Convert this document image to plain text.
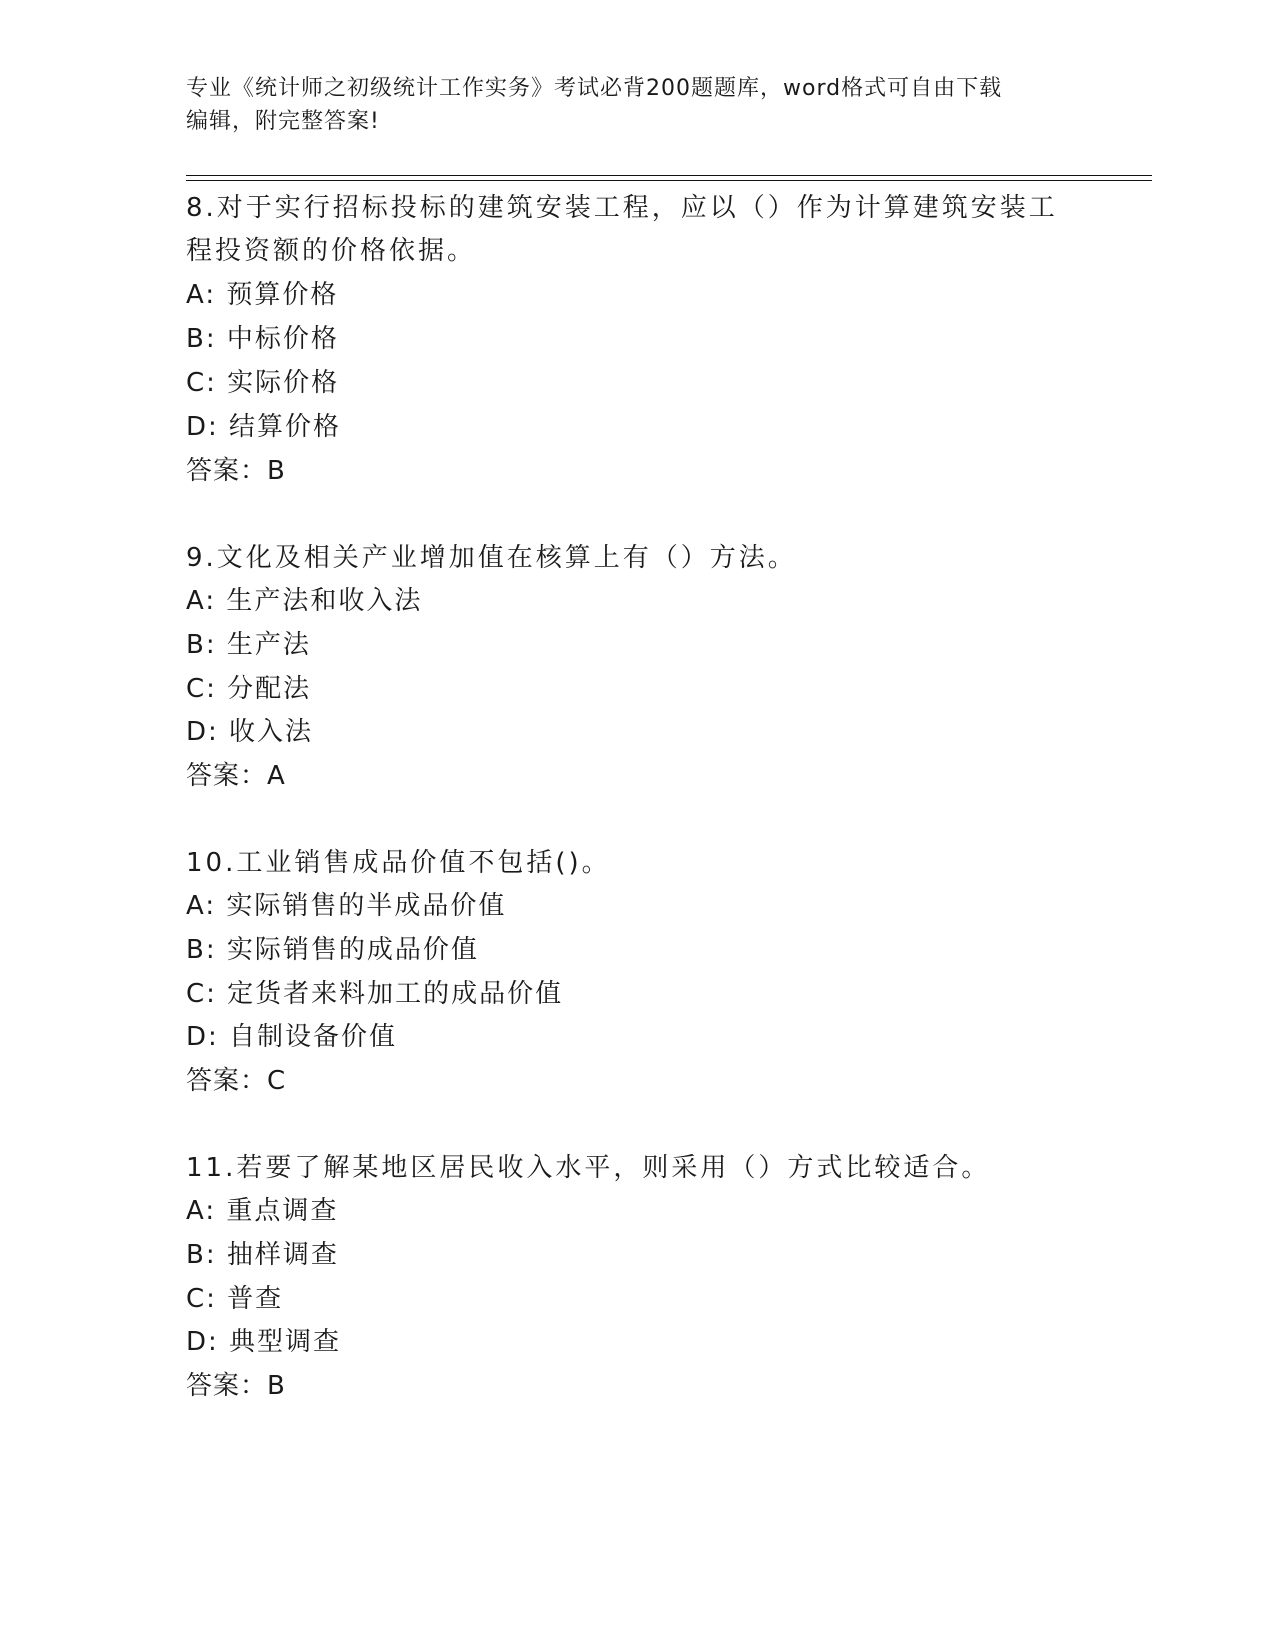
专业《统计师之初级统计工作实务》考试必背200题题库，word格式可自由下载
编辑，附完整答案!
8.对于实行招标投标的建筑安装工程，应以（）作为计算建筑安装工
程投资额的价格依据。
A: 预算价格
B: 中标价格
C: 实际价格
D: 结算价格
答案：B
9.文化及相关产业增加值在核算上有（）方法。
A: 生产法和收入法
B: 生产法
C: 分配法
D: 收入法
答案：A
10.工业销售成品价值不包括()。
A: 实际销售的半成品价值
B: 实际销售的成品价值
C: 定货者来料加工的成品价值
D: 自制设备价值
答案：C
11.若要了解某地区居民收入水平，则采用（）方式比较适合。
A: 重点调查
B: 抽样调查
C: 普查
D: 典型调查
答案：B
